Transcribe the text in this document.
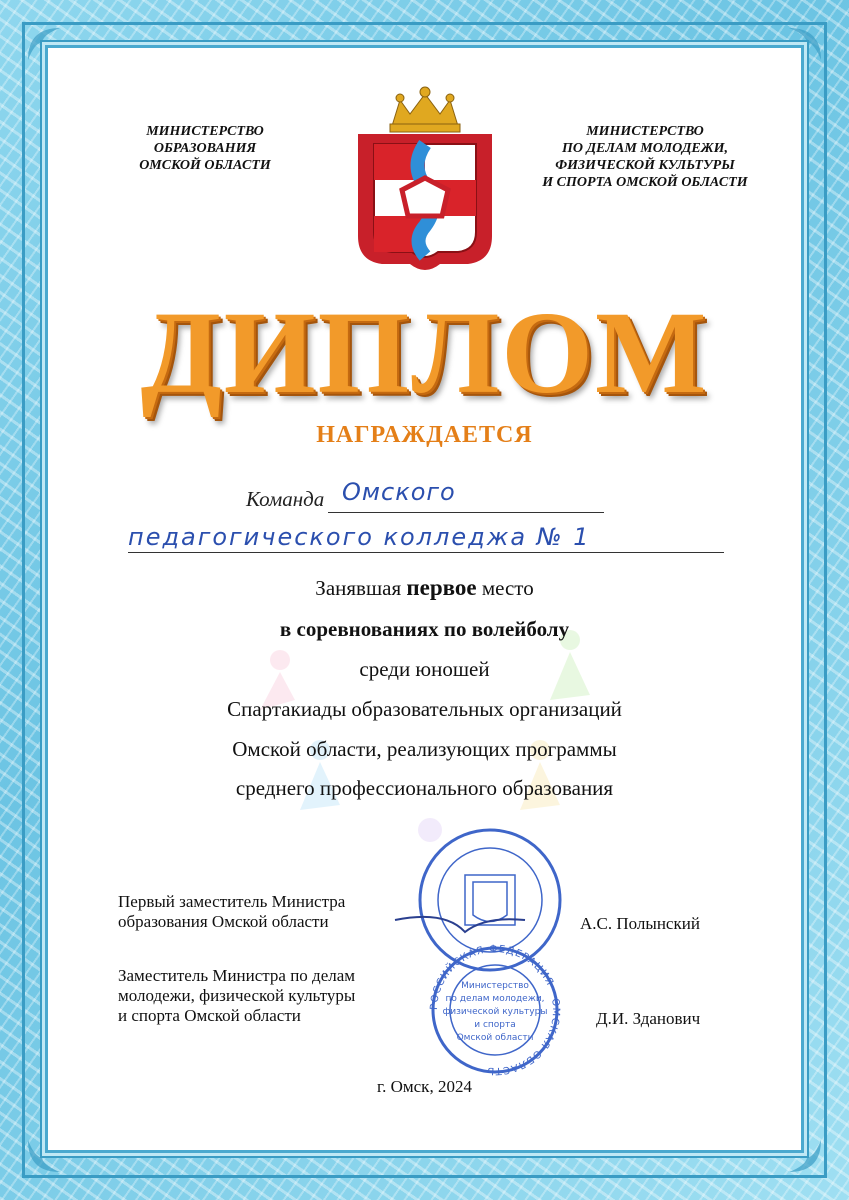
МИНИСТЕРСТВО
ОБРАЗОВАНИЯ
ОМСКОЙ ОБЛАСТИ
МИНИСТЕРСТВО
ПО ДЕЛАМ МОЛОДЕЖИ,
ФИЗИЧЕСКОЙ КУЛЬТУРЫ
И СПОРТА ОМСКОЙ ОБЛАСТИ
ДИПЛОМ
НАГРАЖДАЕТСЯ
Команда Омского
педагогического колледжа № 1
Занявшая первое место
в соревнованиях по волейболу
среди юношей
Спартакиады образовательных организаций
Омской области, реализующих программы
среднего профессионального образования
Министерство
по делам молодежи,
физической культуры
и спорта
Омской области
РОССИЙСКАЯ ФЕДЕРАЦИЯ · ОМСКАЯ ОБЛАСТЬ ·
Первый заместитель Министра
образования Омской области	А.С. Полынский
Заместитель Министра по делам
молодежи, физической культуры
и спорта Омской области	Д.И. Зданович
г. Омск, 2024
